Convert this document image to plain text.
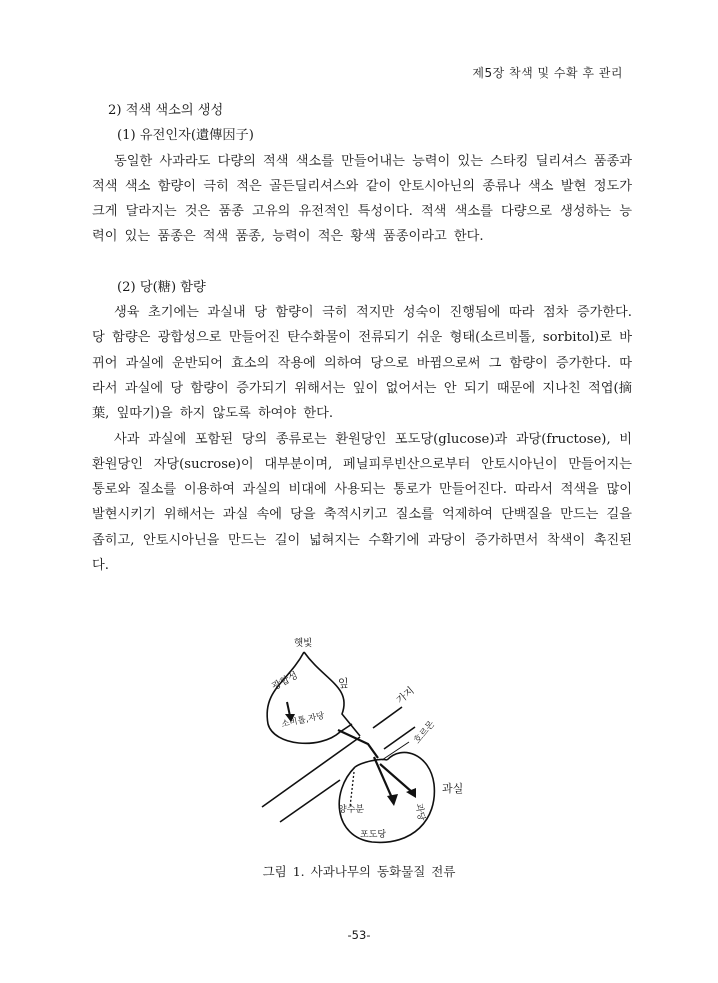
제5장 착색 및 수확 후 관리
2) 적색 색소의 생성
(1) 유전인자(遺傳因子)

동일한 사과라도 다량의 적색 색소를 만들어내는 능력이 있는 스타킹 딜리셔스 품종과 적색 색소 함량이 극히 적은 골든딜리셔스와 같이 안토시아닌의 종류나 색소 발현 정도가 크게 달라지는 것은 품종 고유의 유전적인 특성이다. 적색 색소를 다량으로 생성하는 능력이 있는 품종은 적색 품종, 능력이 적은 황색 품종이라고 한다.

(2) 당(糖) 함량

생육 초기에는 과실내 당 함량이 극히 적지만 성숙이 진행됨에 따라 점차 증가한다. 당 함량은 광합성으로 만들어진 탄수화물이 전류되기 쉬운 형태(소르비톨, sorbitol)로 바뀌어 과실에 운반되어 효소의 작용에 의하여 당으로 바뀜으로써 그 함량이 증가한다. 따라서 과실에 당 함량이 증가되기 위해서는 잎이 없어서는 안 되기 때문에 지나친 적엽(摘葉, 잎따기)을 하지 않도록 하여야 한다.

사과 과실에 포함된 당의 종류로는 환원당인 포도당(glucose)과 과당(fructose), 비환원당인 자당(sucrose)이 대부분이며, 페닐피루빈산으로부터 안토시아닌이 만들어지는 통로와 질소를 이용하여 과실의 비대에 사용되는 통로가 만들어진다. 따라서 적색을 많이 발현시키기 위해서는 과실 속에 당을 축적시키고 질소를 억제하여 단백질을 만드는 길을 좁히고, 안토시아닌을 만드는 길이 넓혀지는 수확기에 과당이 증가하면서 착색이 촉진된다.

햇빛
광합성	잎
소비톨,자당
가지
호르몬
과실
양수분	과당
포도당
그림 1. 사과나무의 동화물질 전류
-53-
